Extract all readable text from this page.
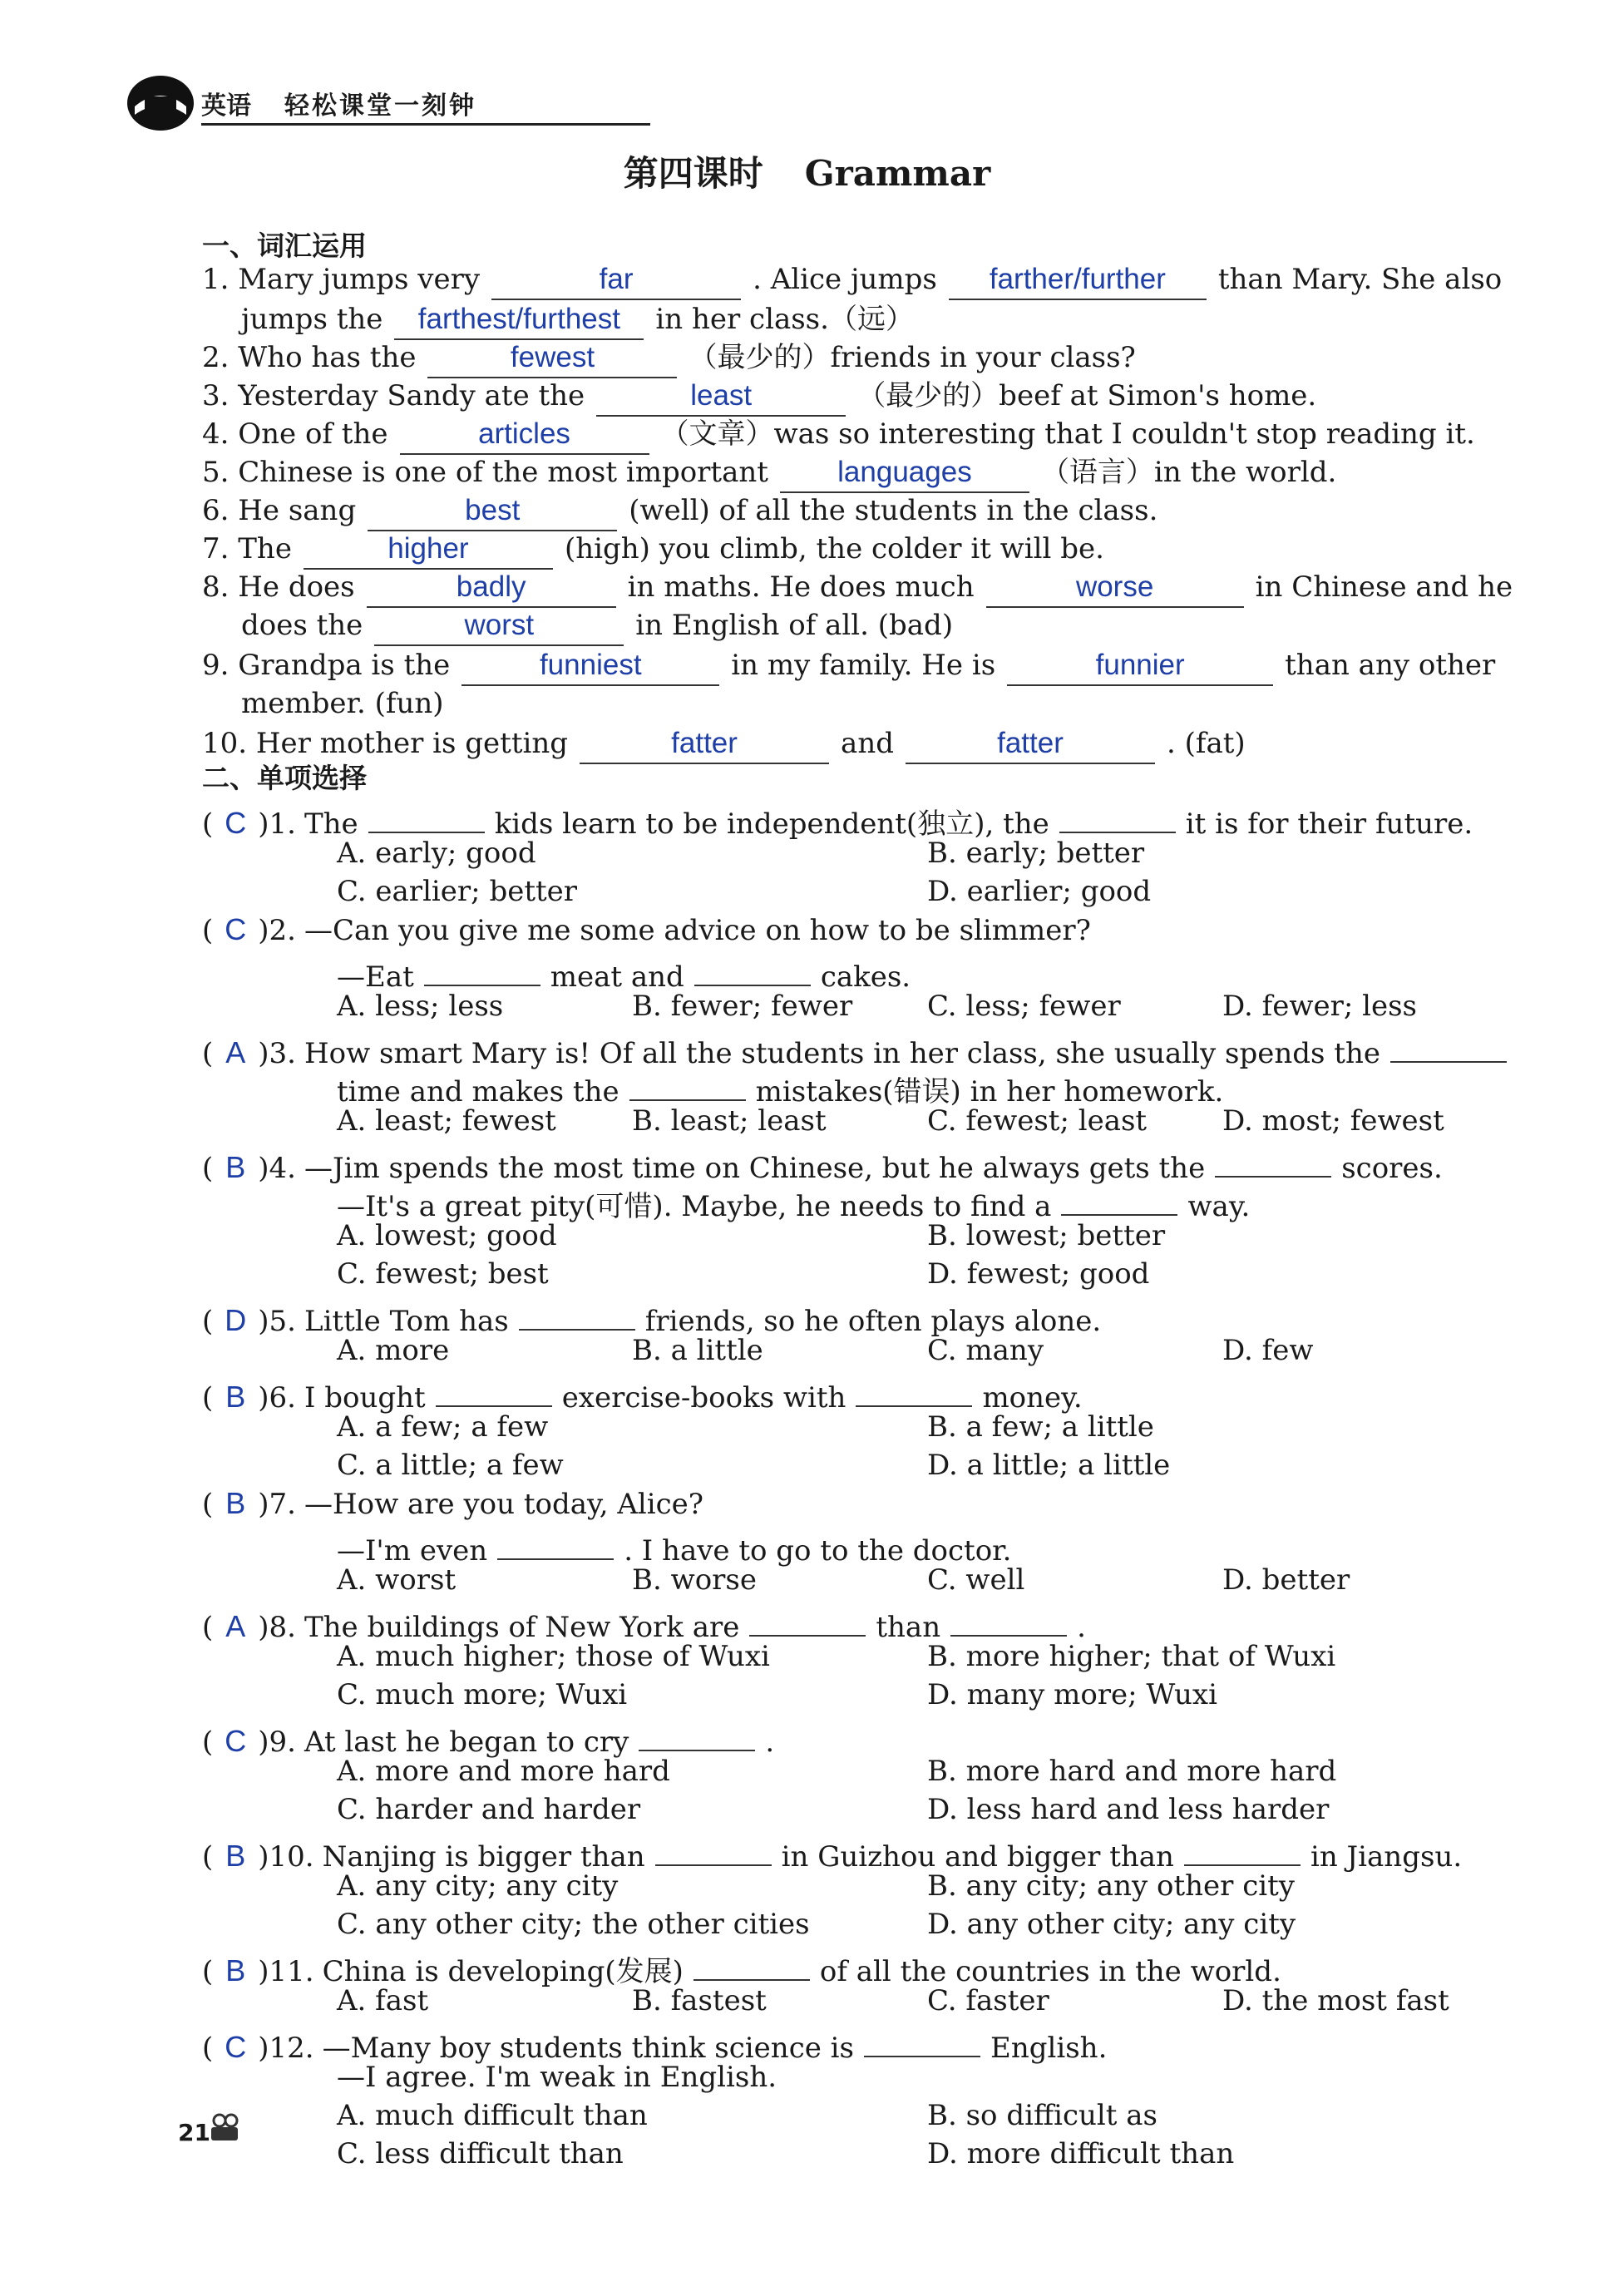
英语 轻松课堂一刻钟
第四课时 Grammar
一、词汇运用
1. Mary jumps very	far	. Alice jumps farther/further than Mary. She also
jumps the farthest/furthest in her class.（远）
2. Who has the	fewest	（最少的）friends in your class?
3. Yesterday Sandy ate the	least	（最少的）beef at Simon's home.
4. One of the	articles	（文章）was so interesting that I couldn't stop reading it.
5. Chinese is one of the most important languages （语言）in the world.
6. He sang	best	(well) of all the students in the class.
7. The	higher	(high) you climb, the colder it will be.
8. He does	badly	in maths. He does much	worse	in Chinese and he
does the	worst	in English of all. (bad)
9. Grandpa is the	funniest	in my family. He is	funnier	than any other
member. (fun)
10. Her mother is getting	fatter	and	fatter	. (fat)
二、单项选择
( C )1. The	kids learn to be independent(独立), the	it is for their future.
A. early; good	B. early; better
C. earlier; better	D. earlier; good
( C )2. —Can you give me some advice on how to be slimmer?
—Eat	meat and	cakes.
A. less; less	B. fewer; fewer	C. less; fewer	D. fewer; less
( A )3. How smart Mary is! Of all the students in her class, she usually spends the
time and makes the	mistakes(错误) in her homework.
A. least; fewest	B. least; least	C. fewest; least	D. most; fewest
( B )4. —Jim spends the most time on Chinese, but he always gets the	scores.
—It's a great pity(可惜). Maybe, he needs to find a	way.
A. lowest; good	B. lowest; better
C. fewest; best	D. fewest; good
( D )5. Little Tom has	friends, so he often plays alone.
A. more	B. a little	C. many	D. few
( B )6. I bought	exercise-books with	money.
A. a few; a few	B. a few; a little
C. a little; a few	D. a little; a little
( B )7. —How are you today, Alice?
—I'm even	. I have to go to the doctor.
A. worst	B. worse	C. well	D. better
( A )8. The buildings of New York are	than	.
A. much higher; those of Wuxi	B. more higher; that of Wuxi
C. much more; Wuxi	D. many more; Wuxi
( C )9. At last he began to cry	.
A. more and more hard	B. more hard and more hard
C. harder and harder	D. less hard and less harder
( B )10. Nanjing is bigger than	in Guizhou and bigger than	in Jiangsu.
A. any city; any city	B. any city; any other city
C. any other city; the other cities	D. any other city; any city
( B )11. China is developing(发展)	of all the countries in the world.
A. fast	B. fastest	C. faster	D. the most fast
( C )12. —Many boy students think science is	English.
—I agree. I'm weak in English.
A. much difficult than	B. so difficult as
C. less difficult than	D. more difficult than
21
